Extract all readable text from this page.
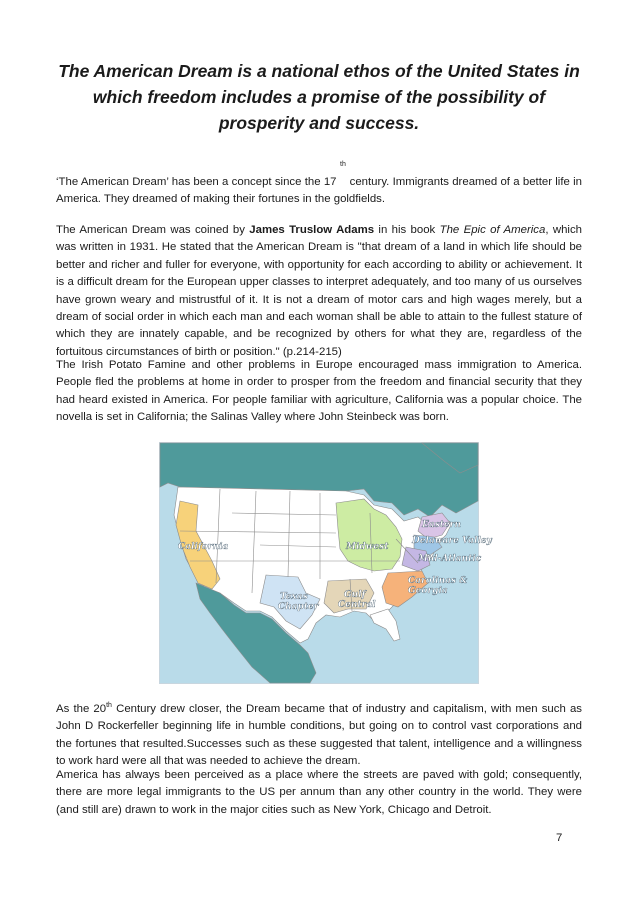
The American Dream is a national ethos of the United States in which freedom includes a promise of the possibility of prosperity and success.

th

‘The American Dream’ has been a concept since the 17 century. Immigrants dreamed of a better life in America. They dreamed of making their fortunes in the goldfields.

The American Dream was coined by James Truslow Adams in his book The Epic of America, which was written in 1931. He stated that the American Dream is "that dream of a land in which life should be better and richer and fuller for everyone, with opportunity for each according to ability or achievement. It is a difficult dream for the European upper classes to interpret adequately, and too many of us ourselves have grown weary and mistrustful of it. It is not a dream of motor cars and high wages merely, but a dream of social order in which each man and each woman shall be able to attain to the fullest stature of which they are innately capable, and be recognized by others for what they are, regardless of the fortuitous circumstances of birth or position." (p.214-215)

The Irish Potato Famine and other problems in Europe encouraged mass immigration to America. People fled the problems at home in order to prosper from the freedom and financial security that they had heard existed in America. For people familiar with agriculture, California was a popular choice. The novella is set in California; the Salinas Valley where John Steinbeck was born.

California	Midwest
Eastern
Delaware Valley
Mid-Atlantic
Carolinas &
Georgia
Texas
Chapter
Gulf
Central

As the 20th Century drew closer, the Dream became that of industry and capitalism, with men such as John D Rockerfeller beginning life in humble conditions, but going on to control vast corporations and the fortunes that resulted.Successes such as these suggested that talent, intelligence and a willingness to work hard were all that was needed to achieve the dream.

America has always been perceived as a place where the streets are paved with gold; consequently, there are more legal immigrants to the US per annum than any other country in the world. They were (and still are) drawn to work in the major cities such as New York, Chicago and Detroit.

7
